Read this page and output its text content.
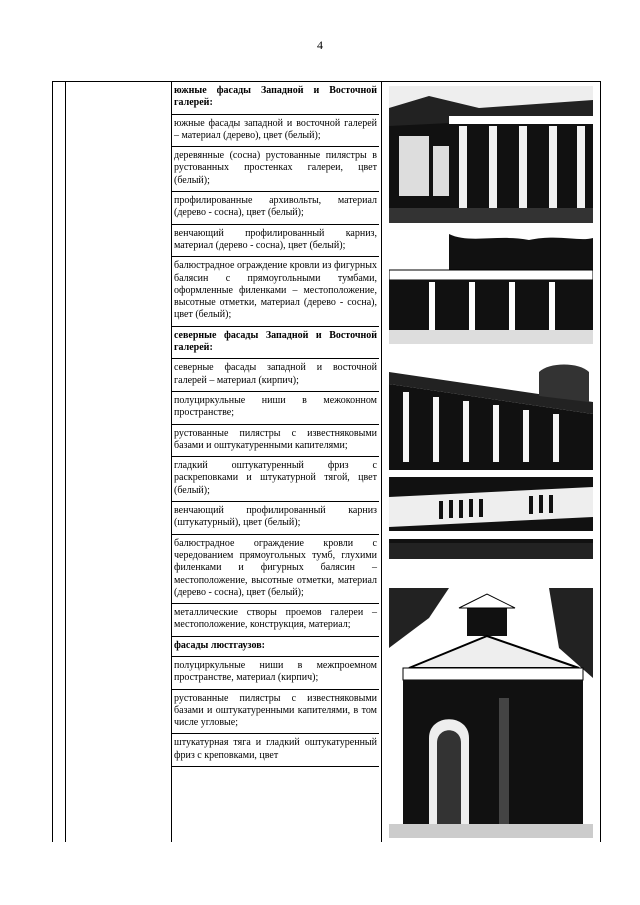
4
южные фасады Западной и Восточной галерей:
южные фасады западной и восточной галерей – материал (дерево), цвет (белый);
деревянные (сосна) рустованные пилястры в рустованных простенках галереи, цвет (белый);
профилированные архивольты, материал (дерево - сосна), цвет (белый);
венчающий профилированный карниз, материал (дерево - сосна), цвет (белый);
балюстрадное ограждение кровли из фигурных балясин с прямоугольными тумбами, оформленные филенками – местоположение, высотные отметки, материал (дерево - сосна), цвет (белый);
северные фасады Западной и Восточной галерей:
северные фасады западной и восточной галерей – материал (кирпич);
полуциркульные ниши в межоконном пространстве;
рустованные пилястры с известняковыми базами и оштукатуренными капителями;
гладкий оштукатуренный фриз с раскреповками и штукатурной тягой, цвет (белый);
венчающий профилированный карниз (штукатурный), цвет (белый);
балюстрадное ограждение кровли с чередованием прямоугольных тумб, глухими филенками и фигурных балясин – местоположение, высотные отметки, материал (дерево - сосна), цвет (белый);
металлические створы проемов галереи – местоположение, конструкция, материал;
фасады люстгаузов:
полуциркульные ниши в межпроемном пространстве, материал (кирпич);
рустованные пилястры с известняковыми базами и оштукатуренными капителями, в том числе угловые;
штукатурная тяга и гладкий оштукатуренный фриз с креповками, цвет
